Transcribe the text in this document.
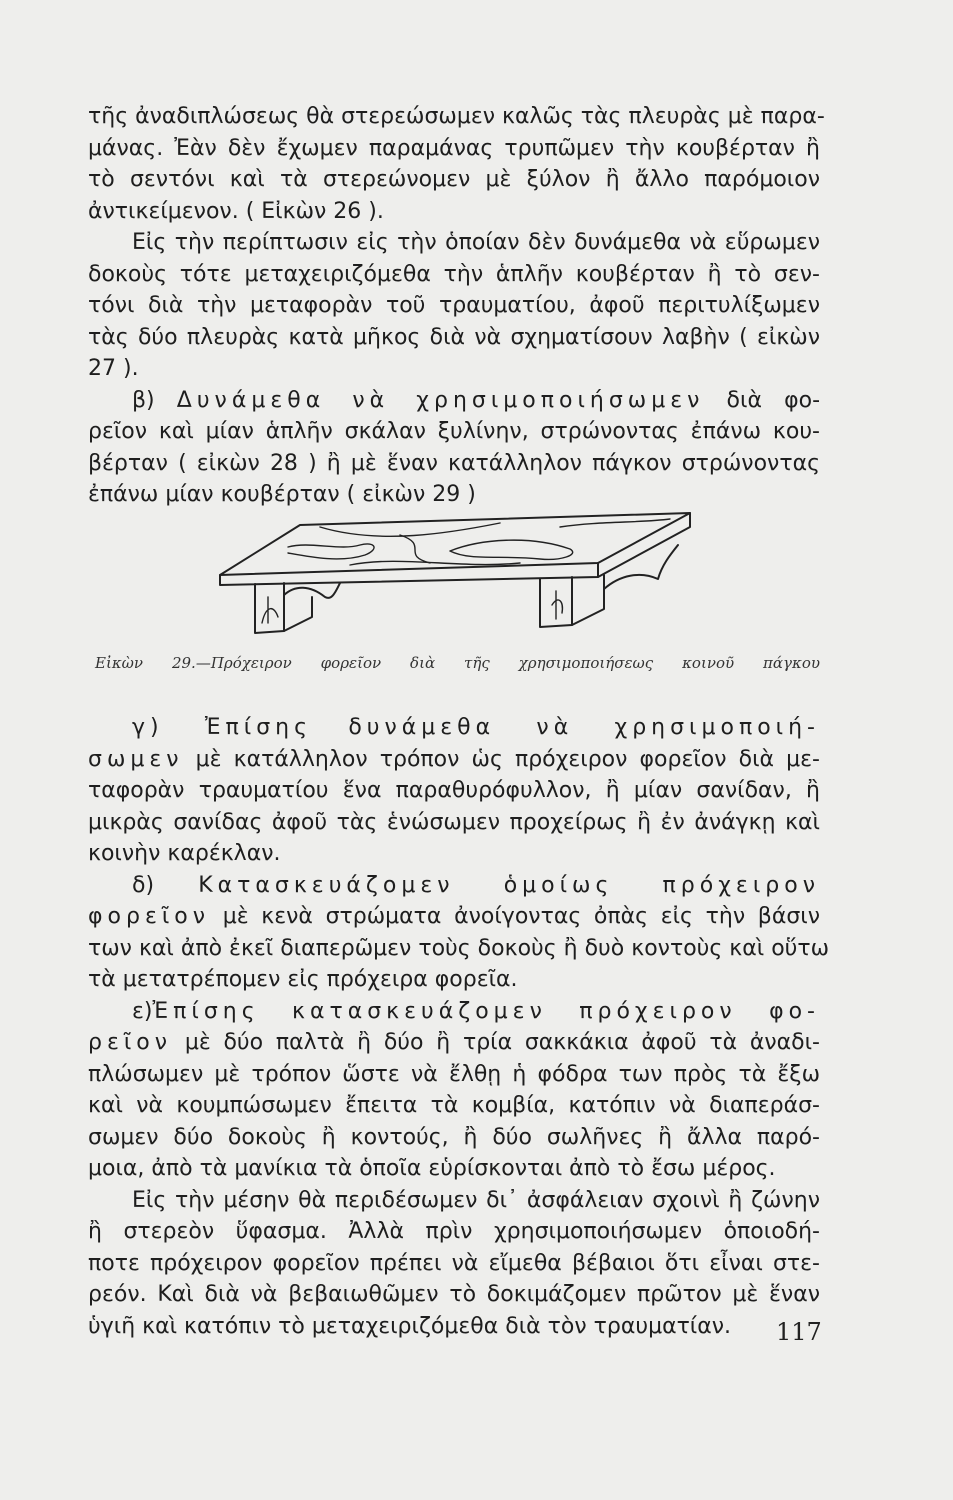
τῆς ἀναδιπλώσεως θὰ στερεώσωμεν καλῶς τὰς πλευρὰς μὲ παρα-
μάνας. Ἐὰν δὲν ἔχωμεν παραμάνας τρυπῶμεν τὴν κουβέρταν ἢ
τὸ σεντόνι καὶ τὰ στερεώνομεν μὲ ξύλον ἢ ἄλλο παρόμοιον
ἀντικείμενον. ( Εἰκὼν 26 ).
Εἰς τὴν περίπτωσιν εἰς τὴν ὁποίαν δὲν δυνάμεθα νὰ εὕρωμεν
δοκοὺς τότε μεταχειριζόμεθα τὴν ἁπλῆν κουβέρταν ἢ τὸ σεν-
τόνι διὰ τὴν μεταφορὰν τοῦ τραυματίου, ἀφοῦ περιτυλίξωμεν
τὰς δύο πλευρὰς κατὰ μῆκος διὰ νὰ σχηματίσουν λαβὴν ( εἰκὼν
27 ).
β) Δυνάμεθα νὰ χρησιμοποιήσωμεν διὰ φο-
ρεῖον καὶ μίαν ἁπλῆν σκάλαν ξυλίνην, στρώνοντας ἐπάνω κου-
βέρταν ( εἰκὼν 28 ) ἢ μὲ ἕναν κατάλληλον πάγκον στρώνοντας
ἐπάνω μίαν κουβέρταν ( εἰκὼν 29 )
Εἰκὼν 29.—Πρόχειρον φορεῖον διὰ τῆς χρησιμοποιήσεως κοινοῦ πάγκου
γ) Ἐπίσης δυνάμεθα νὰ χρησιμοποιή-
σωμεν μὲ κατάλληλον τρόπον ὡς πρόχειρον φορεῖον διὰ με-
ταφορὰν τραυματίου ἕνα παραθυρόφυλλον, ἢ μίαν σανίδαν, ἢ
μικρὰς σανίδας ἀφοῦ τὰς ἑνώσωμεν προχείρως ἢ ἐν ἀνάγκῃ καὶ
κοινὴν καρέκλαν.
δ) Κατασκευάζομεν ὁμοίως πρόχειρον
φορεῖον μὲ κενὰ στρώματα ἀνοίγοντας ὀπὰς εἰς τὴν βάσιν
των καὶ ἀπὸ ἐκεῖ διαπερῶμεν τοὺς δοκοὺς ἢ δυὸ κοντοὺς καὶ οὕτω
τὰ μετατρέπομεν εἰς πρόχειρα φορεῖα.
ε)Ἐπίσης κατασκευάζομεν πρόχειρον φο-
ρεῖον μὲ δύο παλτὰ ἢ δύο ἢ τρία σακκάκια ἀφοῦ τὰ ἀναδι-
πλώσωμεν μὲ τρόπον ὥστε νὰ ἔλθῃ ἡ φόδρα των πρὸς τὰ ἔξω
καὶ νὰ κουμπώσωμεν ἔπειτα τὰ κομβία, κατόπιν νὰ διαπεράσ-
σωμεν δύο δοκοὺς ἢ κοντούς, ἢ δύο σωλῆνες ἢ ἄλλα παρό-
μοια, ἀπὸ τὰ μανίκια τὰ ὁποῖα εὑρίσκονται ἀπὸ τὸ ἔσω μέρος.
Εἰς τὴν μέσην θὰ περιδέσωμεν δι᾿ ἀσφάλειαν σχοινὶ ἢ ζώνην
ἢ στερεὸν ὕφασμα. Ἀλλὰ πρὶν χρησιμοποιήσωμεν ὁποιοδή-
ποτε πρόχειρον φορεῖον πρέπει νὰ εἴμεθα βέβαιοι ὅτι εἶναι στε-
ρεόν. Καὶ διὰ νὰ βεβαιωθῶμεν τὸ δοκιμάζομεν πρῶτον μὲ ἕναν
ὑγιῆ καὶ κατόπιν τὸ μεταχειριζόμεθα διὰ τὸν τραυματίαν.	117
